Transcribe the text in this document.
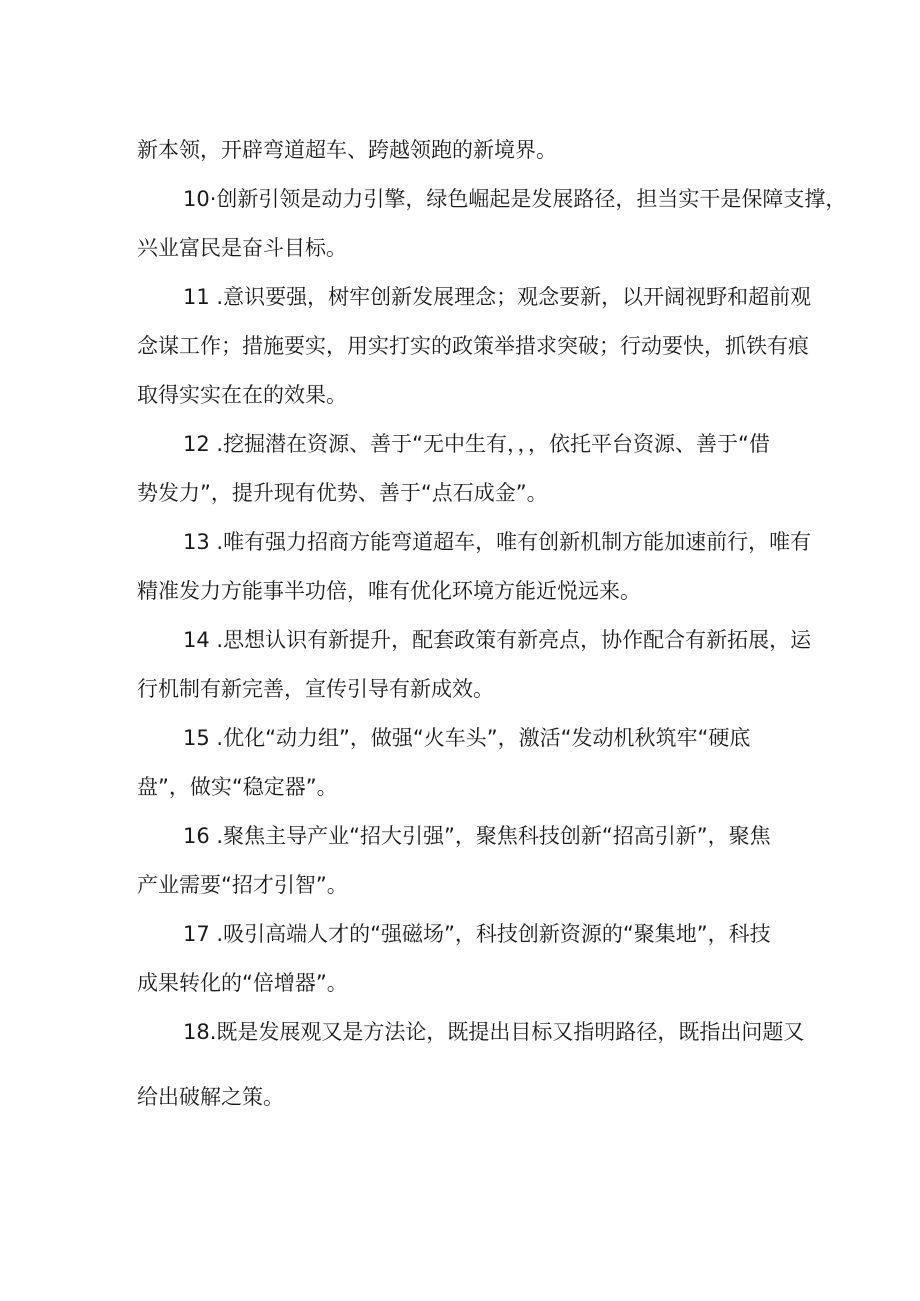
新本领，开辟弯道超车、跨越领跑的新境界。
10·创新引领是动力引擎，绿色崛起是发展路径，担当实干是保障支撑，
兴业富民是奋斗目标。
11 .意识要强，树牢创新发展理念；观念要新，以开阔视野和超前观
念谋工作；措施要实，用实打实的政策举措求突破；行动要快，抓铁有痕
取得实实在在的效果。
12 .挖掘潜在资源、善于“无中生有，，，依托平台资源、善于“借
势发力”，提升现有优势、善于“点石成金”。
13 .唯有强力招商方能弯道超车，唯有创新机制方能加速前行，唯有
精准发力方能事半功倍，唯有优化环境方能近悦远来。
14 .思想认识有新提升，配套政策有新亮点，协作配合有新拓展，运
行机制有新完善，宣传引导有新成效。
15 .优化“动力组”，做强“火车头”，激活“发动机秋筑牢“硬底
盘”，做实“稳定器”。
16 .聚焦主导产业“招大引强”，聚焦科技创新“招高引新”，聚焦
产业需要“招才引智”。
17 .吸引高端人才的“强磁场”，科技创新资源的“聚集地”，科技
成果转化的“倍增器”。
18.既是发展观又是方法论，既提出目标又指明路径，既指出问题又
给出破解之策。
